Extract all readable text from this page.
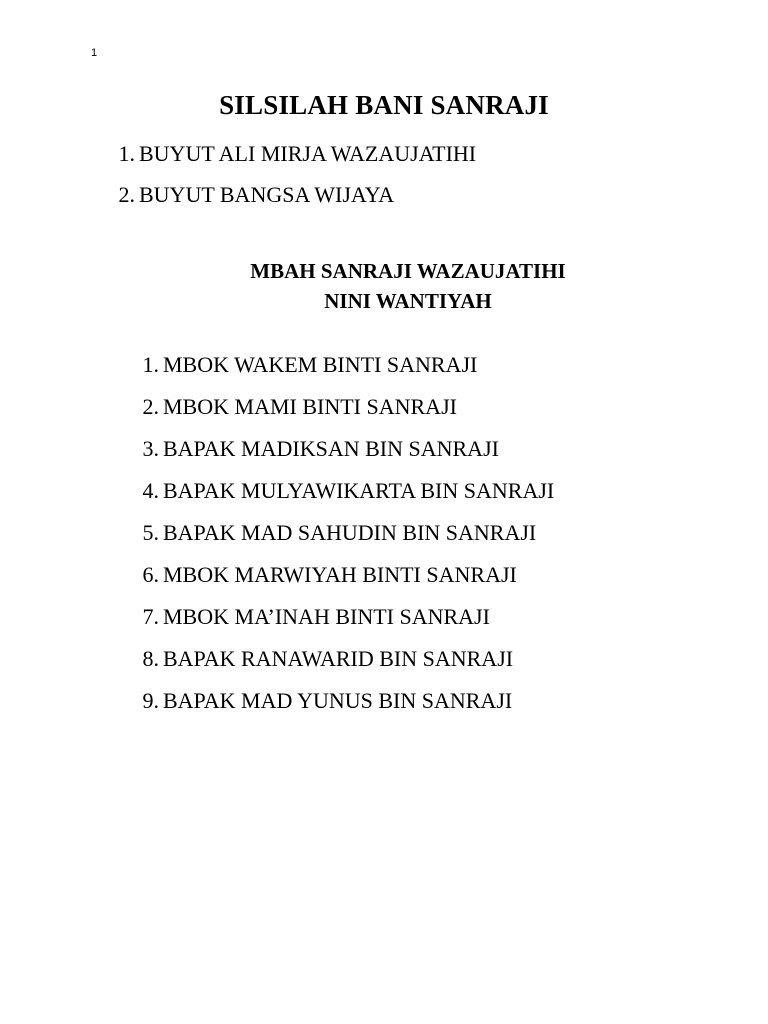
1
SILSILAH BANI SANRAJI
1. BUYUT ALI MIRJA WAZAUJATIHI
2. BUYUT BANGSA WIJAYA
MBAH SANRAJI WAZAUJATIHI
NINI WANTIYAH
1. MBOK WAKEM BINTI SANRAJI
2. MBOK MAMI BINTI SANRAJI
3. BAPAK MADIKSAN BIN SANRAJI
4. BAPAK MULYAWIKARTA BIN SANRAJI
5. BAPAK MAD SAHUDIN BIN SANRAJI
6. MBOK MARWIYAH BINTI SANRAJI
7. MBOK MA’INAH BINTI SANRAJI
8. BAPAK RANAWARID BIN SANRAJI
9. BAPAK MAD YUNUS BIN SANRAJI
